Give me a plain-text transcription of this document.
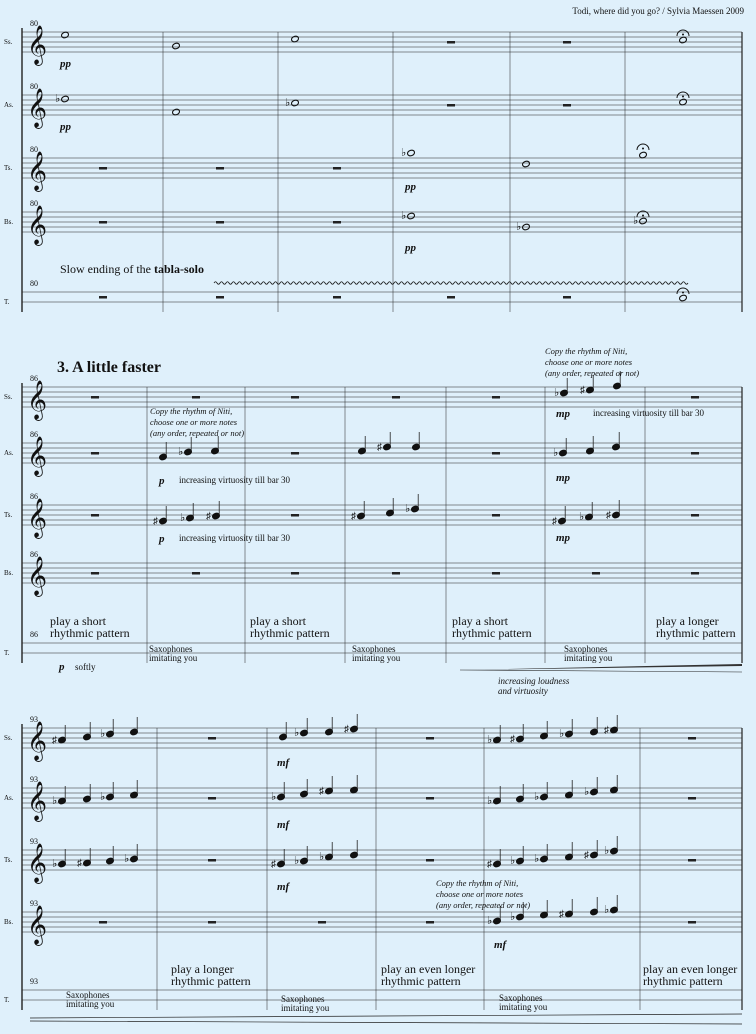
Ss. 𝄞
80
As. 𝄞
80
Ts. 𝄞
80
Bs. 𝄞
80
T.
80
pp
♭	♭
pp
♭
pp
♭
♭	♭
pp
Ss. 𝄞
86
As. 𝄞
86
Ts. 𝄞
86
Bs. 𝄞
86
T.
86
♭ ♯
♭	♯	♭
♯ ♭ ♯	♯
♭
♯ ♭ ♯
Copy the rhythm of Niti,
Copy the rhythm of Niti,
choose one or more notes
choose one or more notes
(any order, repeated or not)
(any order, repeated or not)
increasing virtuosity till bar 30
increasing virtuosity till bar 30
increasing virtuosity till bar 30
p
p
mp
mp
mp
p softly
play a short
rhythmic pattern
play a short
rhythmic pattern
play a short
rhythmic pattern
play a longer
rhythmic pattern
Saxophones
imitating you
Saxophones
imitating you
Saxophones
imitating you
increasing loudness
and virtuosity
Ss. 𝄞
93
As. 𝄞
93
Ts. 𝄞
93
Bs. 𝄞
93
T.
93
♯
♭	♭	♯
♭ ♯	♭	♯
♭	♭	♭	♯
♭	♭	♭
♭ ♯	♭	♯ ♭ ♭
♯ ♭ ♭	♯ ♭
♭ ♭	♯	♭
mf
mf
mf
mf
Copy the rhythm of Niti,
choose one or more notes
(any order, repeated or not)
play a longer
rhythmic pattern
play an even longer
rhythmic pattern
play an even longer
rhythmic pattern
Saxophones
imitating you	Saxophones
imitating you
Saxophones
imitating you
Todi, where did you go? / Sylvia Maessen 2009
3. A little faster
Slow ending of the tabla-solo
